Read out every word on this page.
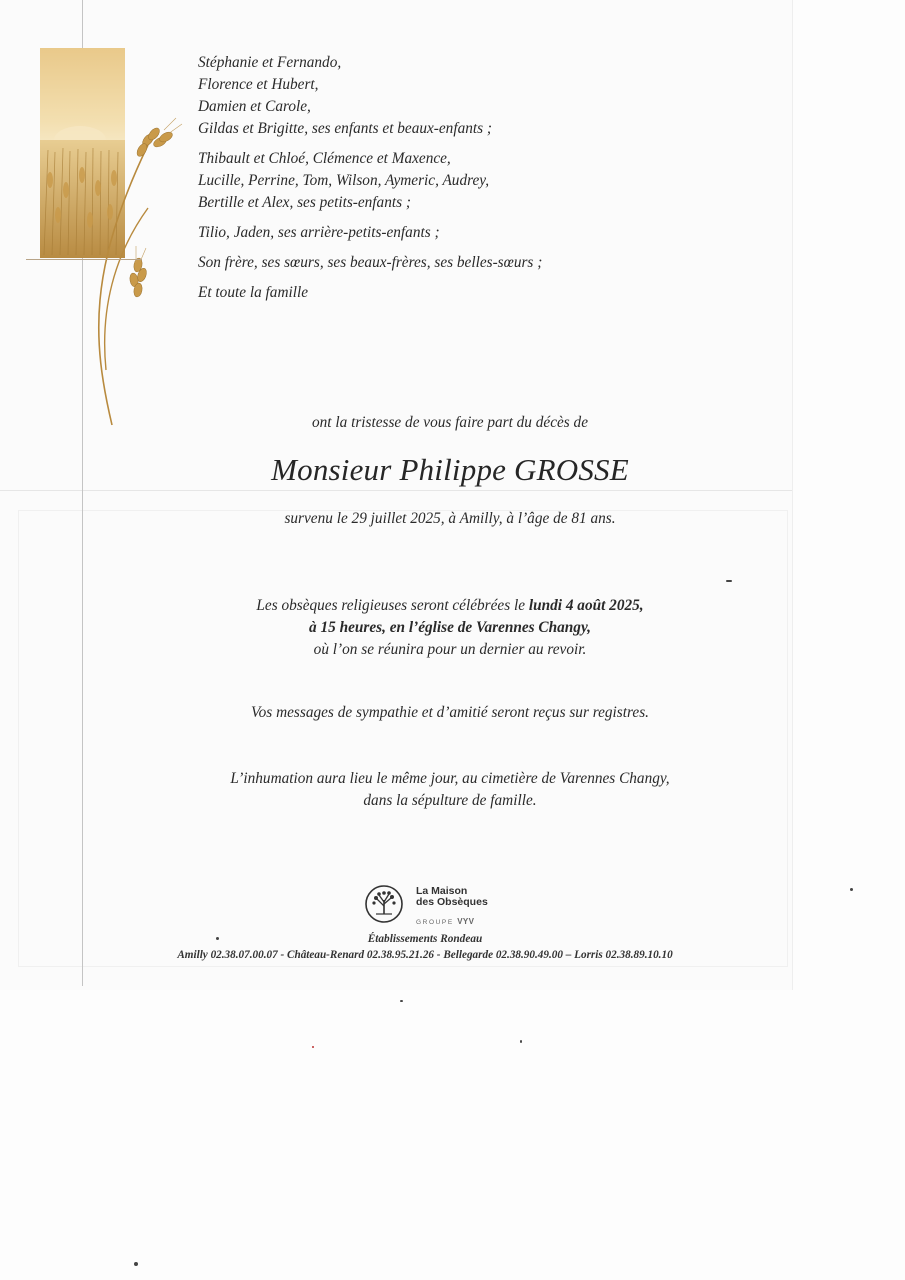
Stéphanie et Fernando,

Florence et Hubert,

Damien et Carole,

Gildas et Brigitte, ses enfants et beaux-enfants ;

Thibault et Chloé, Clémence et Maxence,

Lucille, Perrine, Tom, Wilson, Aymeric, Audrey,

Bertille et Alex, ses petits-enfants ;

Tilio, Jaden, ses arrière-petits-enfants ;

Son frère, ses sœurs, ses beaux-frères, ses belles-sœurs ;

Et toute la famille

ont la tristesse de vous faire part du décès de
Monsieur Philippe GROSSE
survenu le 29 juillet 2025, à Amilly, à l’âge de 81 ans.
Les obsèques religieuses seront célébrées le lundi 4 août 2025,
à 15 heures, en l’église de Varennes Changy,
où l’on se réunira pour un dernier au revoir.
Vos messages de sympathie et d’amitié seront reçus sur registres.
L’inhumation aura lieu le même jour, au cimetière de Varennes Changy,
dans la sépulture de famille.
La Maison
des Obsèques
GROUPE VYV
Établissements Rondeau
Amilly 02.38.07.00.07 - Château-Renard 02.38.95.21.26 - Bellegarde 02.38.90.49.00 – Lorris 02.38.89.10.10
